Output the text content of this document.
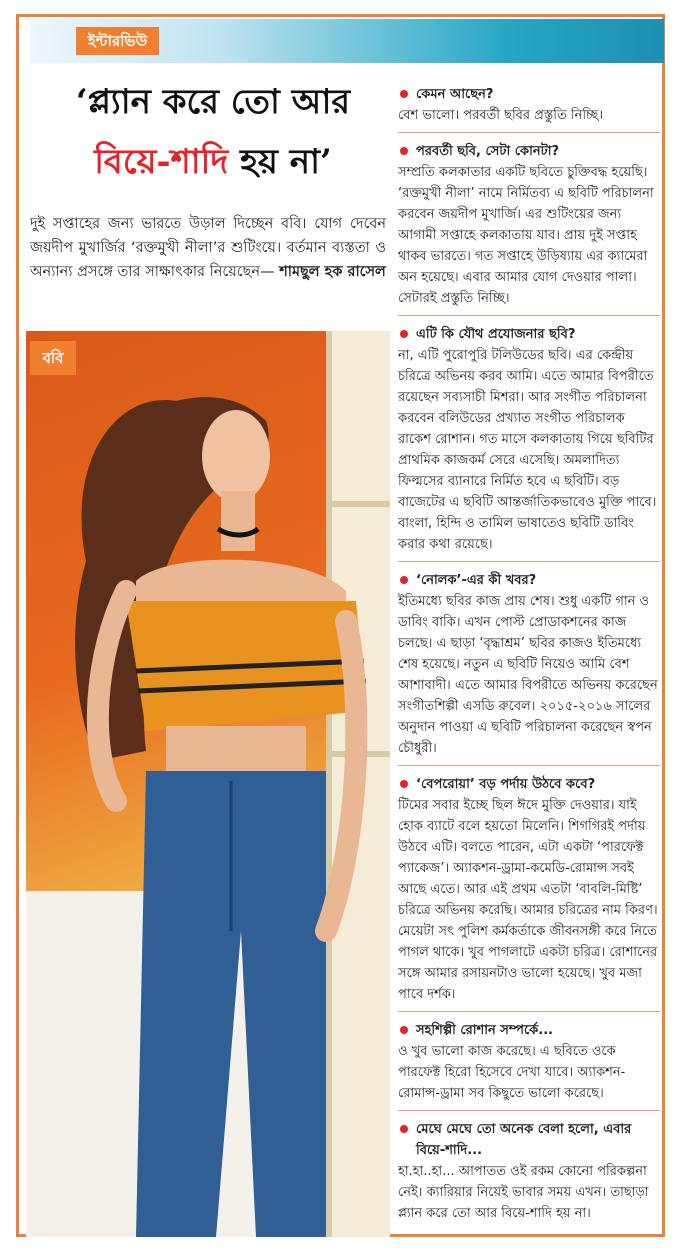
ইন্টারভিউ
‘প্ল্যান করে তো আর
বিয়ে-শাদি হয় না’
দুই সপ্তাহের জন্য ভারতে উড়াল দিচ্ছেন ববি। যোগ দেবেন জয়দীপ মুখার্জির ‘রক্তমুখী নীলা’র শুটিংয়ে। বর্তমান ব্যস্ততা ও অন্যান্য প্রসঙ্গে তার সাক্ষাৎকার নিয়েছেন— শামছুল হক রাসেল
ববি
কেমন আছেন?
বেশ ভালো। পরবর্তী ছবির প্রস্তুতি নিচ্ছি।
পরবর্তী ছবি, সেটা কোনটা?
সম্প্রতি কলকাতার একটি ছবিতে চুক্তিবদ্ধ হয়েছি। ‘রক্তমুখী নীলা’ নামে নির্মিতব্য এ ছবিটি পরিচালনা করবেন জয়দীপ মুখার্জি। এর শুটিংয়ের জন্য আগামী সপ্তাহে কলকাতায় যাব। প্রায় দুই সপ্তাহ থাকব ভারতে। গত সপ্তাহে উড়িষ্যায় এর ক্যামেরা অন হয়েছে। এবার আমার যোগ দেওয়ার পালা। সেটারই প্রস্তুতি নিচ্ছি।
এটি কি যৌথ প্রযোজনার ছবি?
না, এটি পুরোপুরি টলিউডের ছবি। এর কেন্দ্রীয় চরিত্রে অভিনয় করব আমি। এতে আমার বিপরীতে রয়েছেন সব্যসাচী মিশরা। আর সংগীত পরিচালনা করবেন বলিউডের প্রখ্যাত সংগীত পরিচালক রাকেশ রোশান। গত মাসে কলকাতায় গিয়ে ছবিটির প্রাথমিক কাজকর্ম সেরে এসেছি। অমলাদিত্য ফিল্মসের ব্যানারে নির্মিত হবে এ ছবিটি। বড় বাজেটের এ ছবিটি আন্তর্জাতিকভাবেও মুক্তি পাবে। বাংলা, হিন্দি ও তামিল ভাষাতেও ছবিটি ডাবিং করার কথা রয়েছে।
‘নোলক’-এর কী খবর?
ইতিমধ্যে ছবির কাজ প্রায় শেষ। শুধু একটি গান ও ডাবিং বাকি। এখন পোস্ট প্রোডাকশনের কাজ চলছে। এ ছাড়া ‘বৃদ্ধাশ্রম’ ছবির কাজও ইতিমধ্যে শেষ হয়েছে। নতুন এ ছবিটি নিয়েও আমি বেশ আশাবাদী। এতে আমার বিপরীতে অভিনয় করেছেন সংগীতশিল্পী এসডি রুবেল। ২০১৫-২০১৬ সালের অনুদান পাওয়া এ ছবিটি পরিচালনা করেছেন স্বপন চৌধুরী।
‘বেপরোয়া’ বড় পর্দায় উঠবে কবে?
টিমের সবার ইচ্ছে ছিল ঈদে মুক্তি দেওয়ার। যাই হোক ব্যাটে বলে হয়তো মিলেনি। শিগগিরই পর্দায় উঠবে এটি। বলতে পারেন, এটা একটা ‘পারফেক্ট প্যাকেজ’। অ্যাকশন-ড্রামা-কমেডি-রোমান্স সবই আছে এতে। আর এই প্রথম এতটা ‘বাবলি-মিষ্টি’ চরিত্রে অভিনয় করেছি। আমার চরিত্রের নাম কিরণ। মেয়েটা সৎ পুলিশ কর্মকর্তাকে জীবনসঙ্গী করে নিতে পাগল থাকে। খুব পাগলাটে একটা চরিত্র। রোশানের সঙ্গে আমার রসায়নটাও ভালো হয়েছে। খুব মজা পাবে দর্শক।
সহশিল্পী রোশান সম্পর্কে...
ও খুব ভালো কাজ করেছে। এ ছবিতে ওকে পারফেক্ট হিরো হিসেবে দেখা যাবে। অ্যাকশন-রোমান্স-ড্রামা সব কিছুতে ভালো করেছে।
মেঘে মেঘে তো অনেক বেলা হলো, এবার বিয়ে-শাদি...
হা.হা..হা... আপাতত ওই রকম কোনো পরিকল্পনা নেই। ক্যারিয়ার নিয়েই ভাবার সময় এখন। তাছাড়া প্ল্যান করে তো আর বিয়ে-শাদি হয় না।
